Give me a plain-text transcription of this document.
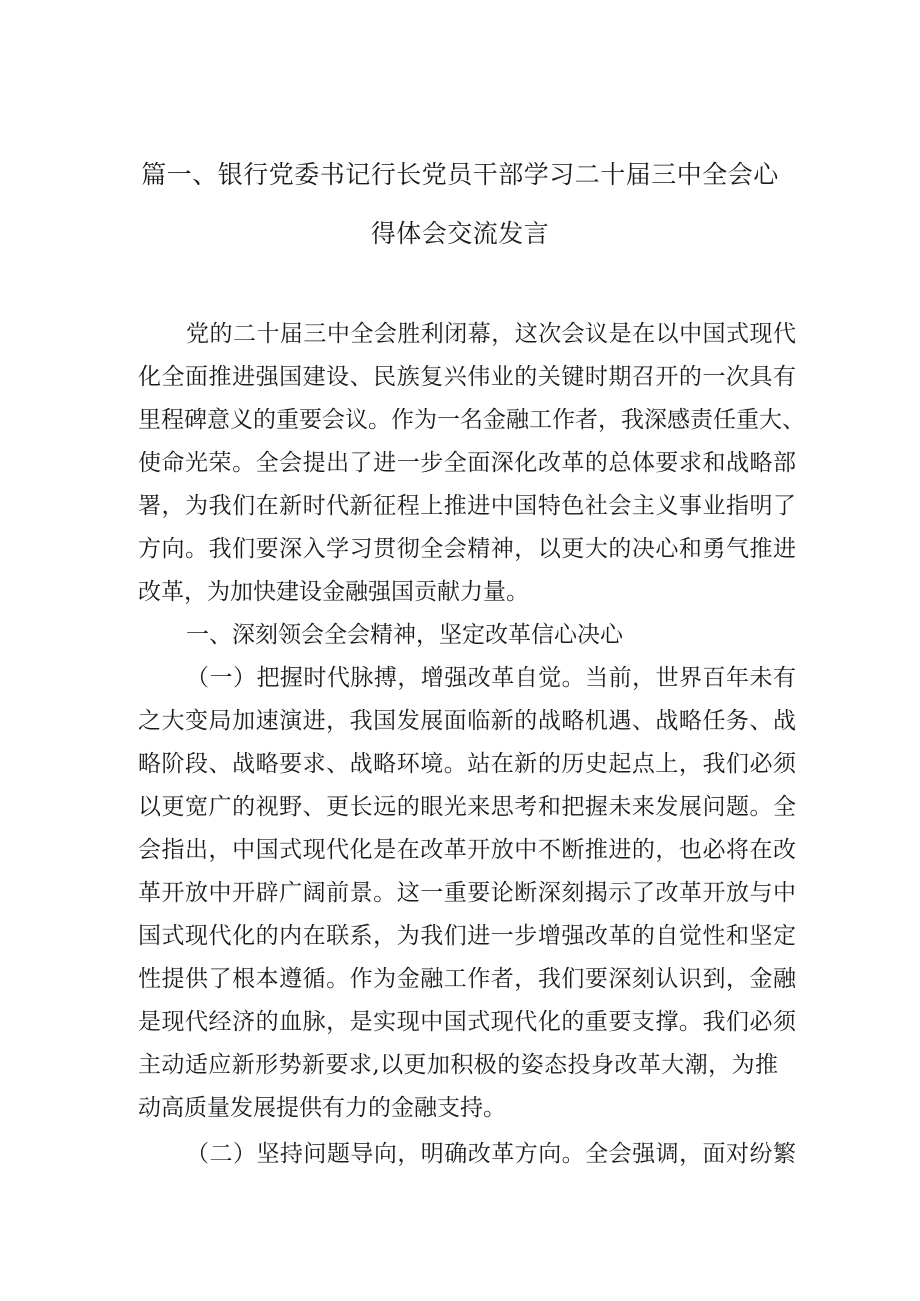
篇一、银行党委书记行长党员干部学习二十届三中全会心
得体会交流发言
党的二十届三中全会胜利闭幕，这次会议是在以中国式现代
化全面推进强国建设、民族复兴伟业的关键时期召开的一次具有
里程碑意义的重要会议。作为一名金融工作者，我深感责任重大、
使命光荣。全会提出了进一步全面深化改革的总体要求和战略部
署，为我们在新时代新征程上推进中国特色社会主义事业指明了
方向。我们要深入学习贯彻全会精神，以更大的决心和勇气推进
改革，为加快建设金融强国贡献力量。
一、深刻领会全会精神，坚定改革信心决心
（一）把握时代脉搏，增强改革自觉。当前，世界百年未有
之大变局加速演进，我国发展面临新的战略机遇、战略任务、战
略阶段、战略要求、战略环境。站在新的历史起点上，我们必须
以更宽广的视野、更长远的眼光来思考和把握未来发展问题。全
会指出，中国式现代化是在改革开放中不断推进的，也必将在改
革开放中开辟广阔前景。这一重要论断深刻揭示了改革开放与中
国式现代化的内在联系，为我们进一步增强改革的自觉性和坚定
性提供了根本遵循。作为金融工作者，我们要深刻认识到，金融
是现代经济的血脉，是实现中国式现代化的重要支撑。我们必须
主动适应新形势新要求,以更加积极的姿态投身改革大潮，为推
动高质量发展提供有力的金融支持。
（二）坚持问题导向，明确改革方向。全会强调，面对纷繁
